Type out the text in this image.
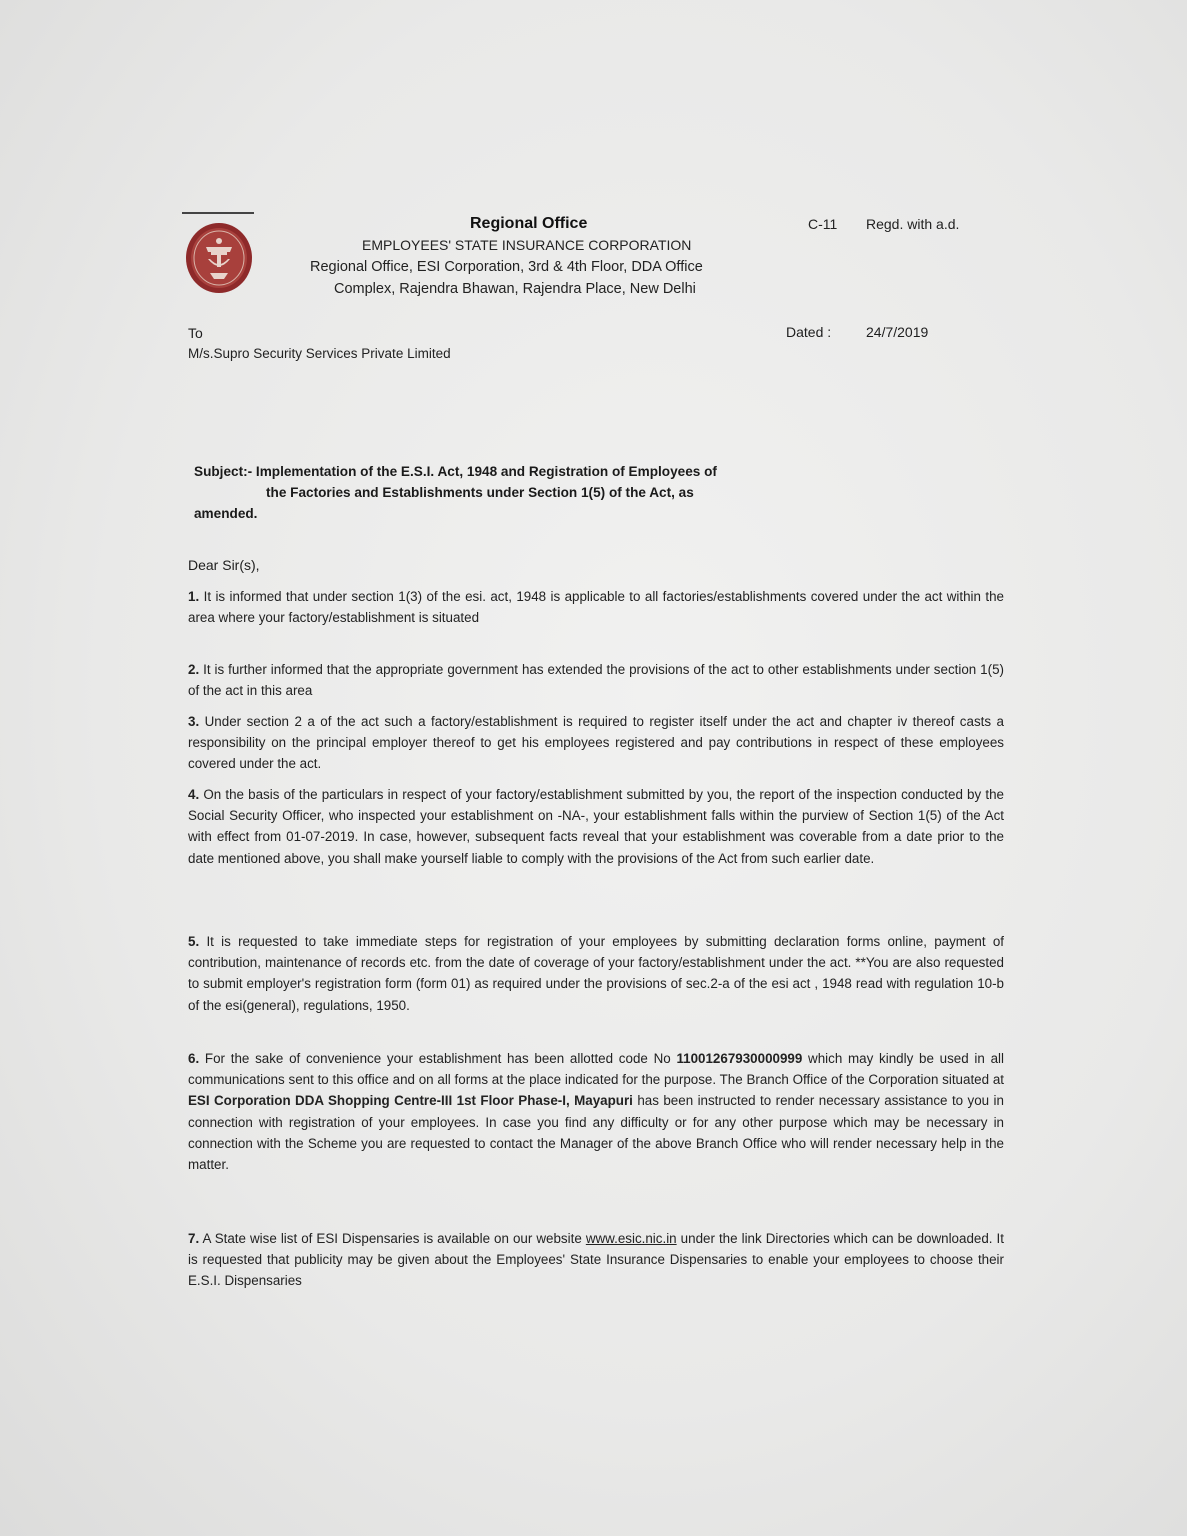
Regional Office
EMPLOYEES' STATE INSURANCE CORPORATION
Regional Office, ESI Corporation, 3rd & 4th Floor, DDA Office
Complex, Rajendra Bhawan, Rajendra Place, New Delhi
C-11 Regd. with a.d.
To
M/s.Supro Security Services Private Limited
Dated : 24/7/2019
Subject:- Implementation of the E.S.I. Act, 1948 and Registration of Employees of

the Factories and Establishments under Section 1(5) of the Act, as
amended.
Dear Sir(s),
1. It is informed that under section 1(3) of the esi. act, 1948 is applicable to all factories/establishments covered under the act within the area where your factory/establishment is situated
2. It is further informed that the appropriate government has extended the provisions of the act to other establishments under section 1(5) of the act in this area
3. Under section 2 a of the act such a factory/establishment is required to register itself under the act and chapter iv thereof casts a responsibility on the principal employer thereof to get his employees registered and pay contributions in respect of these employees covered under the act.
4. On the basis of the particulars in respect of your factory/establishment submitted by you, the report of the inspection conducted by the Social Security Officer, who inspected your establishment on -NA-, your establishment falls within the purview of Section 1(5) of the Act with effect from 01-07-2019. In case, however, subsequent facts reveal that your establishment was coverable from a date prior to the date mentioned above, you shall make yourself liable to comply with the provisions of the Act from such earlier date.
5. It is requested to take immediate steps for registration of your employees by submitting declaration forms online, payment of contribution, maintenance of records etc. from the date of coverage of your factory/establishment under the act. **You are also requested to submit employer's registration form (form 01) as required under the provisions of sec.2-a of the esi act , 1948 read with regulation 10-b of the esi(general), regulations, 1950.
6. For the sake of convenience your establishment has been allotted code No 11001267930000999 which may kindly be used in all communications sent to this office and on all forms at the place indicated for the purpose. The Branch Office of the Corporation situated at ESI Corporation DDA Shopping Centre-III 1st Floor Phase-I, Mayapuri has been instructed to render necessary assistance to you in connection with registration of your employees. In case you find any difficulty or for any other purpose which may be necessary in connection with the Scheme you are requested to contact the Manager of the above Branch Office who will render necessary help in the matter.
7. A State wise list of ESI Dispensaries is available on our website www.esic.nic.in under the link Directories which can be downloaded. It is requested that publicity may be given about the Employees' State Insurance Dispensaries to enable your employees to choose their E.S.I. Dispensaries
